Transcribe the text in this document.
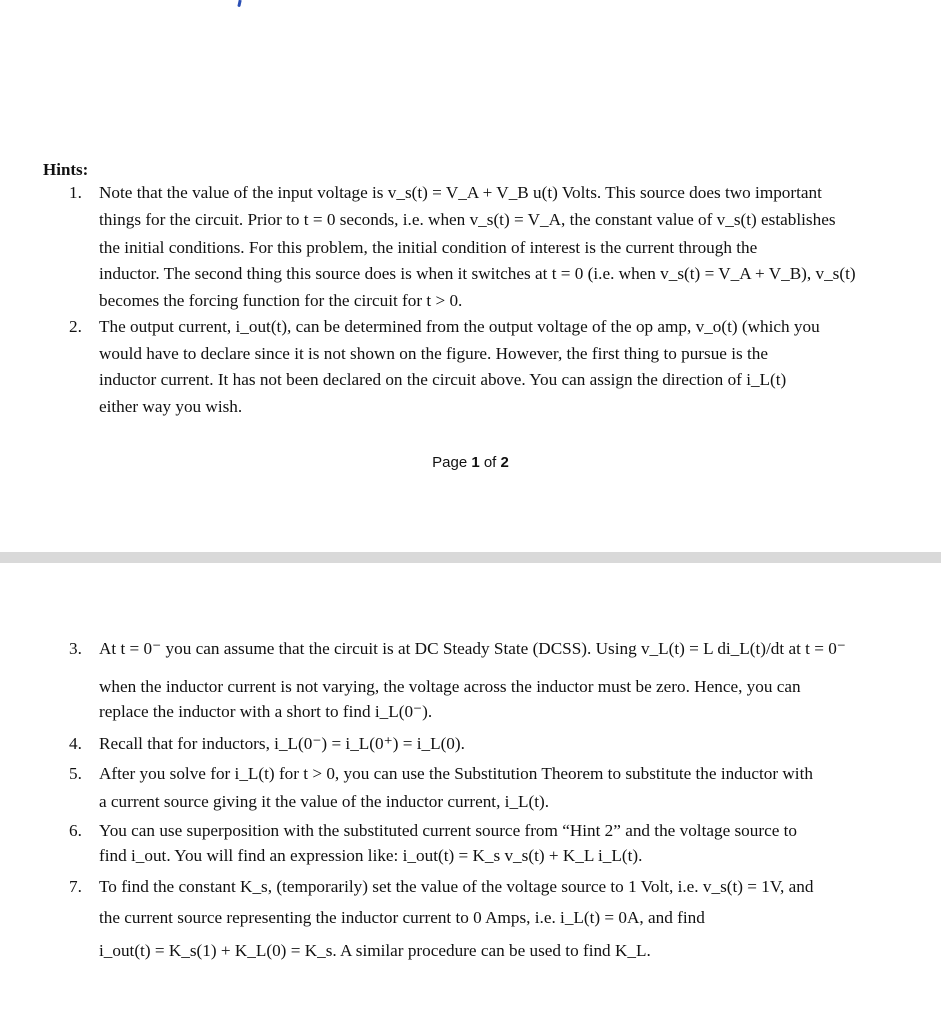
Hints:
1. Note that the value of the input voltage is v_s(t) = V_A + V_B u(t) Volts. This source does two important
things for the circuit. Prior to t = 0 seconds, i.e. when v_s(t) = V_A, the constant value of v_s(t) establishes
the initial conditions. For this problem, the initial condition of interest is the current through the
inductor. The second thing this source does is when it switches at t = 0 (i.e. when v_s(t) = V_A + V_B), v_s(t)
becomes the forcing function for the circuit for t > 0.
2. The output current, i_out(t), can be determined from the output voltage of the op amp, v_o(t) (which you
would have to declare since it is not shown on the figure. However, the first thing to pursue is the
inductor current. It has not been declared on the circuit above. You can assign the direction of i_L(t)
either way you wish.
Page 1 of 2
3. At t = 0⁻ you can assume that the circuit is at DC Steady State (DCSS). Using v_L(t) = L di_L(t)/dt at t = 0⁻
when the inductor current is not varying, the voltage across the inductor must be zero. Hence, you can
replace the inductor with a short to find i_L(0⁻).
4. Recall that for inductors, i_L(0⁻) = i_L(0⁺) = i_L(0).
5. After you solve for i_L(t) for t > 0, you can use the Substitution Theorem to substitute the inductor with
a current source giving it the value of the inductor current, i_L(t).
6. You can use superposition with the substituted current source from “Hint 2” and the voltage source to
find i_out. You will find an expression like: i_out(t) = K_s v_s(t) + K_L i_L(t).
7. To find the constant K_s, (temporarily) set the value of the voltage source to 1 Volt, i.e. v_s(t) = 1V, and
the current source representing the inductor current to 0 Amps, i.e. i_L(t) = 0A, and find
i_out(t) = K_s(1) + K_L(0) = K_s. A similar procedure can be used to find K_L.
